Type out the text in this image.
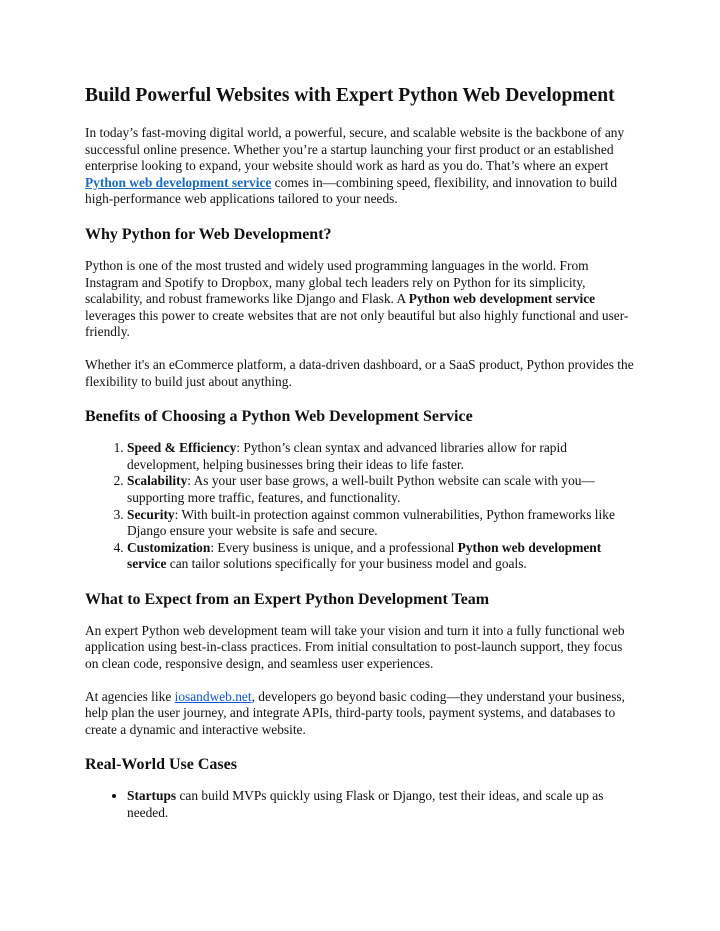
Build Powerful Websites with Expert Python Web Development

In today’s fast-moving digital world, a powerful, secure, and scalable website is the backbone of any successful online presence. Whether you’re a startup launching your first product or an established enterprise looking to expand, your website should work as hard as you do. That’s where an expert Python web development service comes in—combining speed, flexibility, and innovation to build high-performance web applications tailored to your needs.

Why Python for Web Development?

Python is one of the most trusted and widely used programming languages in the world. From Instagram and Spotify to Dropbox, many global tech leaders rely on Python for its simplicity, scalability, and robust frameworks like Django and Flask. A Python web development service leverages this power to create websites that are not only beautiful but also highly functional and user-friendly.

Whether it's an eCommerce platform, a data-driven dashboard, or a SaaS product, Python provides the flexibility to build just about anything.

Benefits of Choosing a Python Web Development Service
1. Speed & Efficiency: Python’s clean syntax and advanced libraries allow for rapid development, helping businesses bring their ideas to life faster.
2. Scalability: As your user base grows, a well-built Python website can scale with you—supporting more traffic, features, and functionality.
3. Security: With built-in protection against common vulnerabilities, Python frameworks like Django ensure your website is safe and secure.
4. Customization: Every business is unique, and a professional Python web development service can tailor solutions specifically for your business model and goals.
What to Expect from an Expert Python Development Team

An expert Python web development team will take your vision and turn it into a fully functional web application using best-in-class practices. From initial consultation to post-launch support, they focus on clean code, responsive design, and seamless user experiences.

At agencies like iosandweb.net, developers go beyond basic coding—they understand your business, help plan the user journey, and integrate APIs, third-party tools, payment systems, and databases to create a dynamic and interactive website.

Real-World Use Cases
• Startups can build MVPs quickly using Flask or Django, test their ideas, and scale up as needed.
